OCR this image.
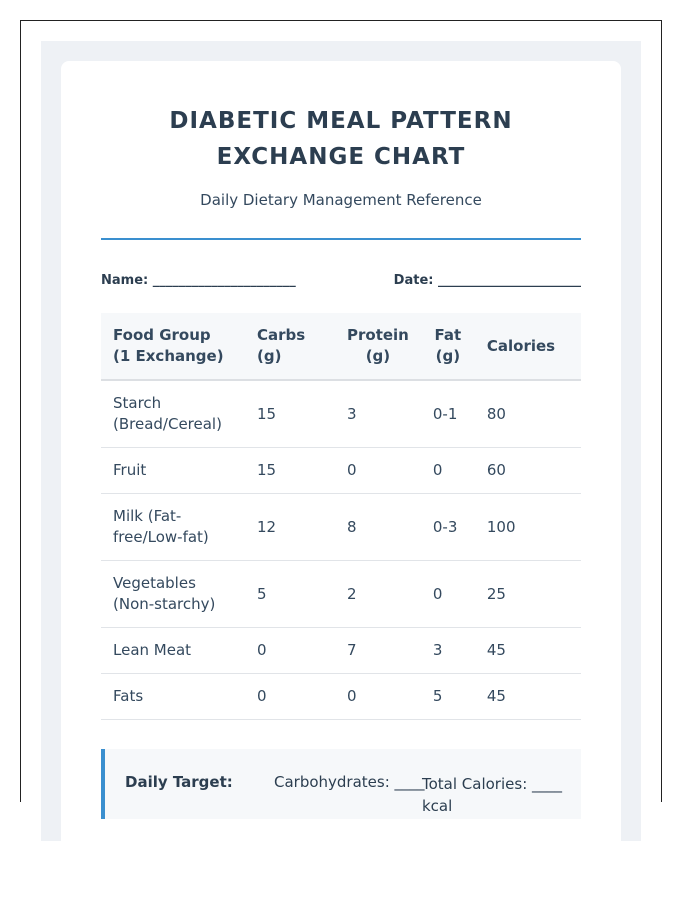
DIABETIC MEAL PATTERN EXCHANGE CHART
Daily Dietary Management Reference
Name: ______________________	Date: ______________________
Food Group (1 Exchange)	Carbs (g)	Protein (g)	Fat (g)	Calories
Starch (Bread/Cereal)	15	3	0-1	80
Fruit	15	0	0	60
Milk (Fat-free/Low-fat)	12	8	0-3	100
Vegetables (Non-starchy)	5	2	0	25
Lean Meat	0	7	3	45
Fats	0	0	5	45
Daily Target:	Carbohydrates: ____
Total Calories: ____ kcal
